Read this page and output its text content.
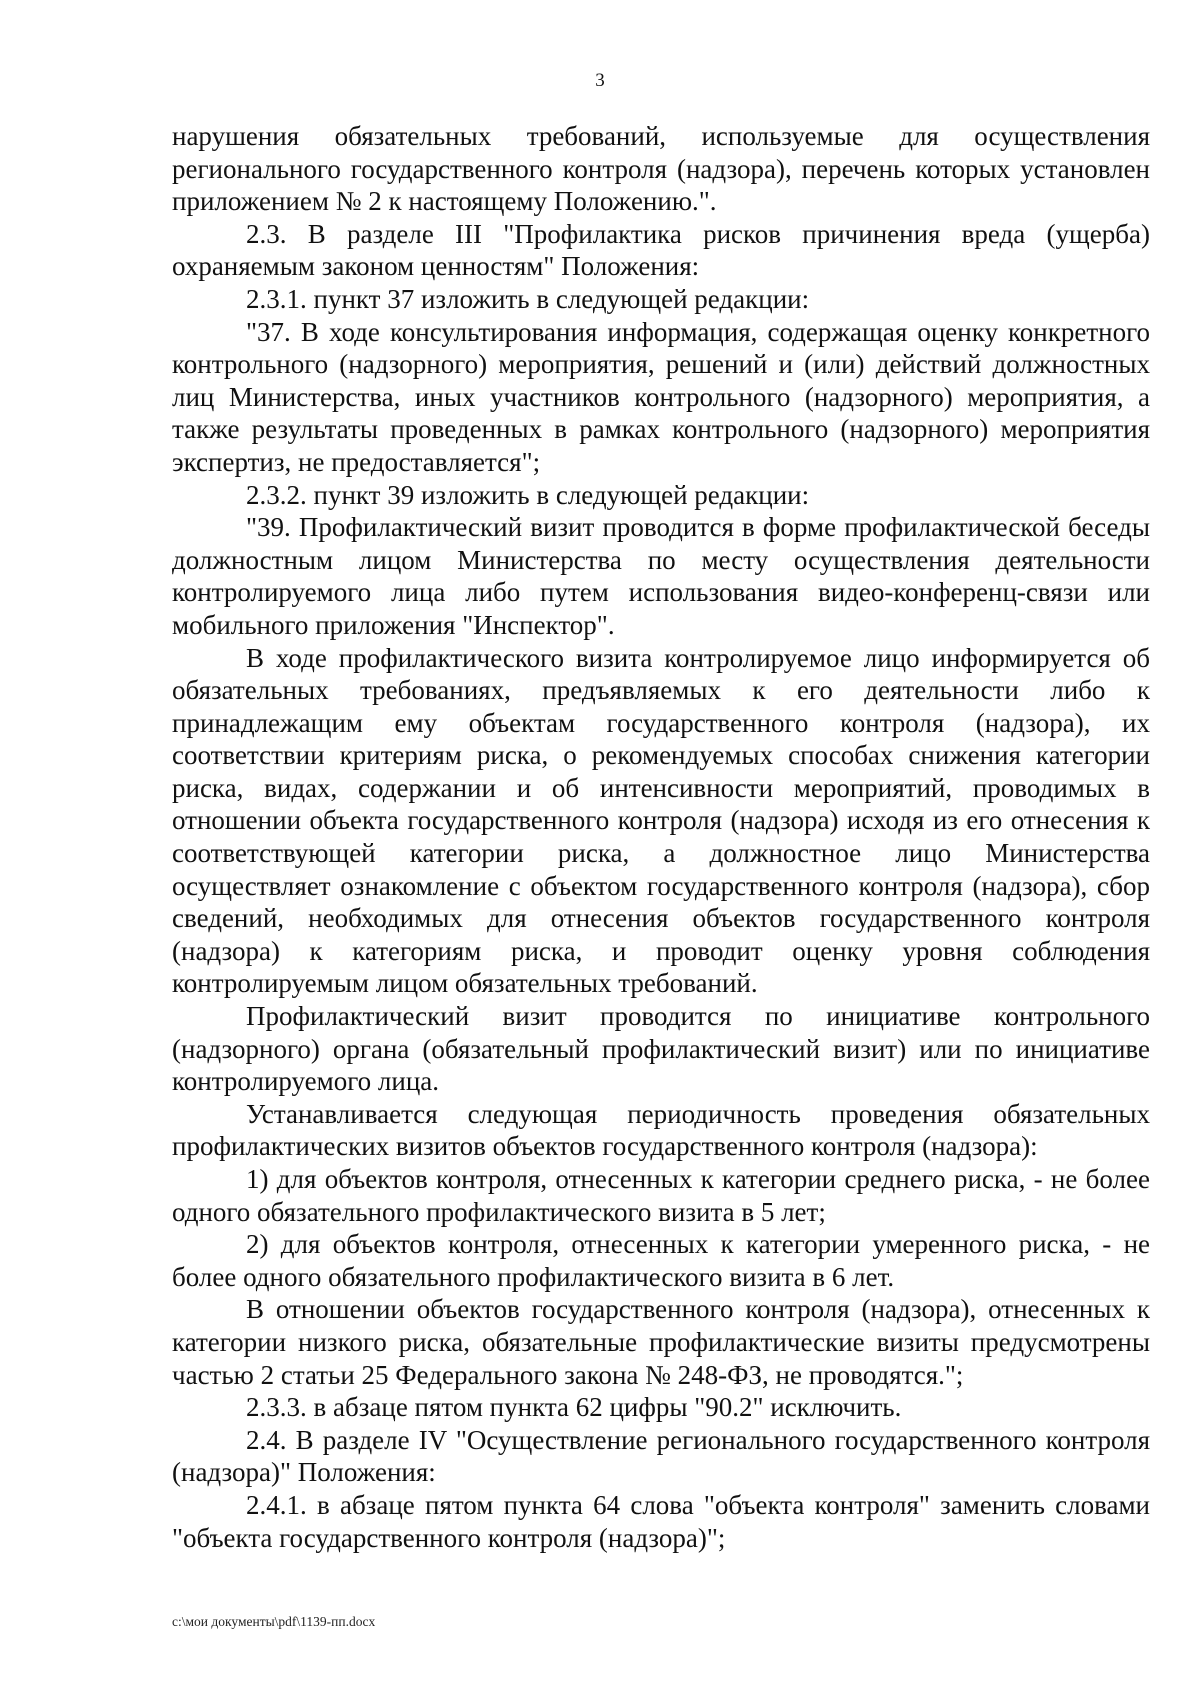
3

нарушения обязательных требований, используемые для осуществления регионального государственного контроля (надзора), перечень которых установлен приложением № 2 к настоящему Положению.".

2.3. В разделе III "Профилактика рисков причинения вреда (ущерба) охраняемым законом ценностям" Положения:

2.3.1. пункт 37 изложить в следующей редакции:

"37. В ходе консультирования информация, содержащая оценку конкретного контрольного (надзорного) мероприятия, решений и (или) действий должностных лиц Министерства, иных участников контрольного (надзорного) мероприятия, а также результаты проведенных в рамках контрольного (надзорного) мероприятия экспертиз, не предоставляется";

2.3.2. пункт 39 изложить в следующей редакции:

"39. Профилактический визит проводится в форме профилактической беседы должностным лицом Министерства по месту осуществления деятельности контролируемого лица либо путем использования видео-конференц-связи или мобильного приложения "Инспектор".

В ходе профилактического визита контролируемое лицо информируется об обязательных требованиях, предъявляемых к его деятельности либо к принадлежащим ему объектам государственного контроля (надзора), их соответствии критериям риска, о рекомендуемых способах снижения категории риска, видах, содержании и об интенсивности мероприятий, проводимых в отношении объекта государственного контроля (надзора) исходя из его отнесения к соответствующей категории риска, а должностное лицо Министерства осуществляет ознакомление с объектом государственного контроля (надзора), сбор сведений, необходимых для отнесения объектов государственного контроля (надзора) к категориям риска, и проводит оценку уровня соблюдения контролируемым лицом обязательных требований.

Профилактический визит проводится по инициативе контрольного (надзорного) органа (обязательный профилактический визит) или по инициативе контролируемого лица.

Устанавливается следующая периодичность проведения обязательных профилактических визитов объектов государственного контроля (надзора):

1) для объектов контроля, отнесенных к категории среднего риска, - не более одного обязательного профилактического визита в 5 лет;

2) для объектов контроля, отнесенных к категории умеренного риска, - не более одного обязательного профилактического визита в 6 лет.

В отношении объектов государственного контроля (надзора), отнесенных к категории низкого риска, обязательные профилактические визиты предусмотрены частью 2 статьи 25 Федерального закона № 248-ФЗ, не проводятся.";

2.3.3. в абзаце пятом пункта 62 цифры "90.2" исключить.

2.4. В разделе IV "Осуществление регионального государственного контроля (надзора)" Положения:

2.4.1. в абзаце пятом пункта 64 слова "объекта контроля" заменить словами "объекта государственного контроля (надзора)";

c:\мои документы\pdf\1139-пп.docx
